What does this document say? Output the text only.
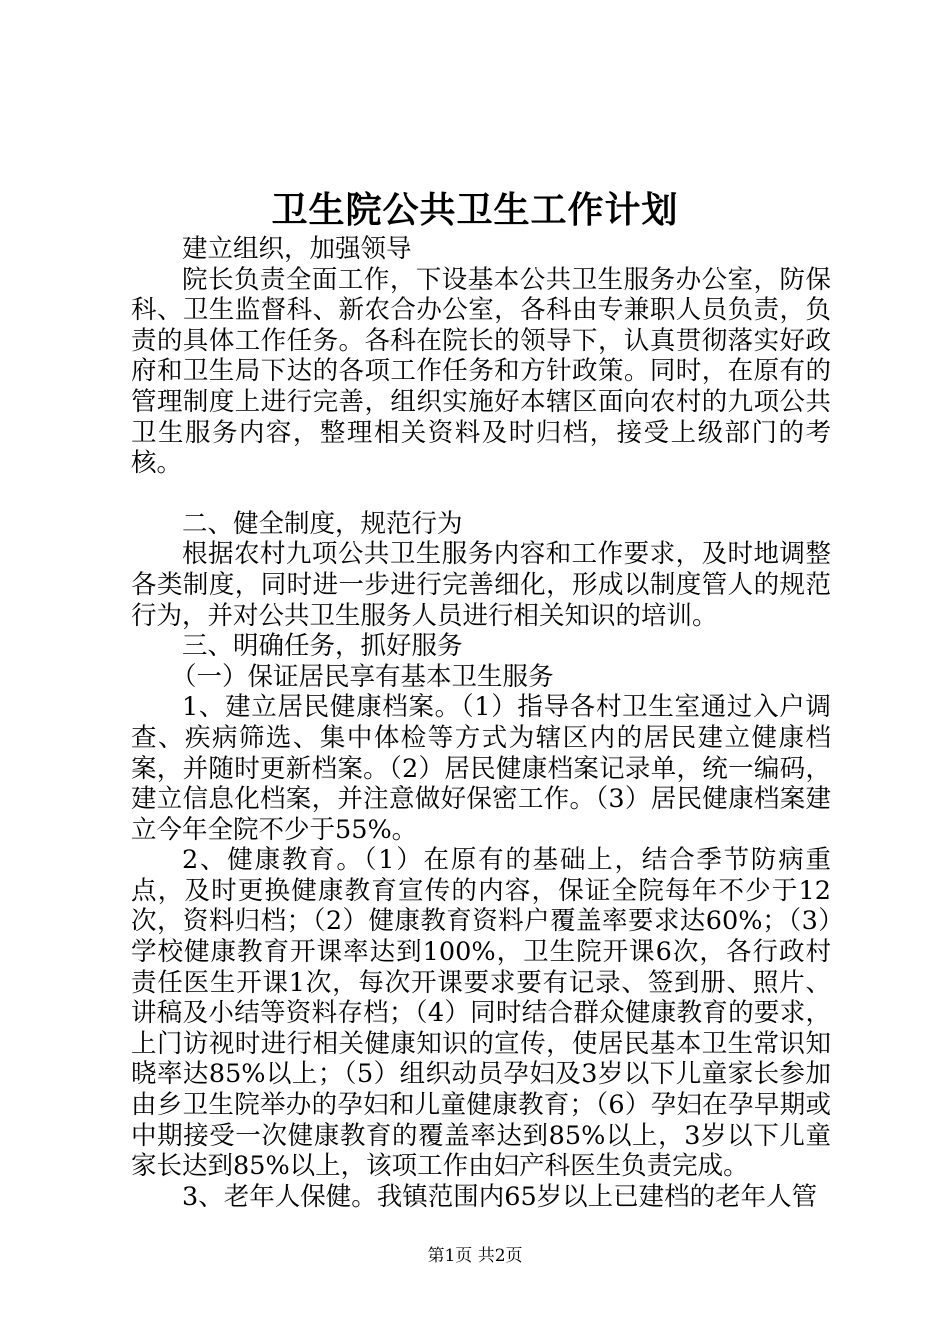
卫生院公共卫生工作计划

建立组织，加强领导

院长负责全面工作，下设基本公共卫生服务办公室，防保科、卫生监督科、新农合办公室，各科由专兼职人员负责，负责的具体工作任务。各科在院长的领导下，认真贯彻落实好政府和卫生局下达的各项工作任务和方针政策。同时，在原有的管理制度上进行完善，组织实施好本辖区面向农村的九项公共卫生服务内容，整理相关资料及时归档，接受上级部门的考核。

二、健全制度，规范行为

根据农村九项公共卫生服务内容和工作要求，及时地调整各类制度，同时进一步进行完善细化，形成以制度管人的规范行为，并对公共卫生服务人员进行相关知识的培训。

三、明确任务，抓好服务

（一）保证居民享有基本卫生服务

1、建立居民健康档案。（1）指导各村卫生室通过入户调查、疾病筛选、集中体检等方式为辖区内的居民建立健康档案，并随时更新档案。（2）居民健康档案记录单，统一编码，建立信息化档案，并注意做好保密工作。（3）居民健康档案建立今年全院不少于55%。

2、健康教育。（1）在原有的基础上，结合季节防病重点，及时更换健康教育宣传的内容，保证全院每年不少于12次，资料归档；（2）健康教育资料户覆盖率要求达60%；（3）学校健康教育开课率达到100%，卫生院开课6次，各行政村责任医生开课1次，每次开课要求要有记录、签到册、照片、讲稿及小结等资料存档；（4）同时结合群众健康教育的要求，上门访视时进行相关健康知识的宣传，使居民基本卫生常识知晓率达85%以上；（5）组织动员孕妇及3岁以下儿童家长参加由乡卫生院举办的孕妇和儿童健康教育；（6）孕妇在孕早期或中期接受一次健康教育的覆盖率达到85%以上，3岁以下儿童家长达到85%以上，该项工作由妇产科医生负责完成。

3、老年人保健。我镇范围内65岁以上已建档的老年人管

第1页 共2页
